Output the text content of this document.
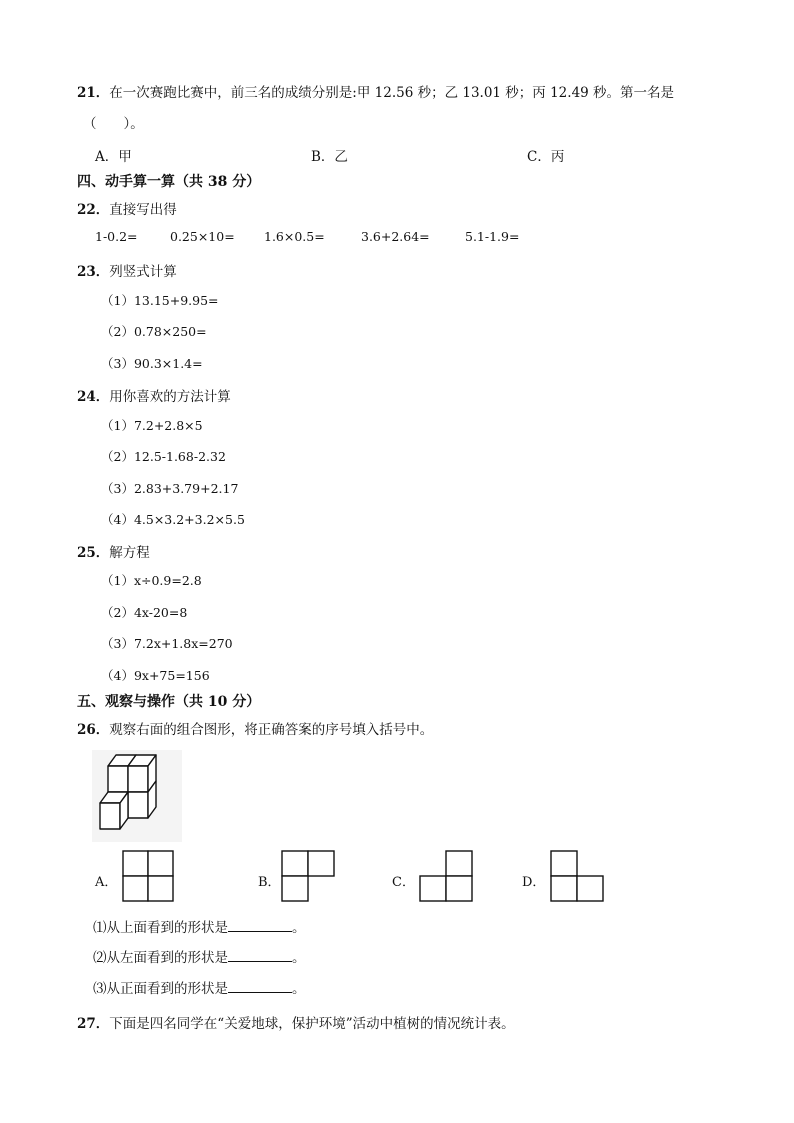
21．在一次赛跑比赛中，前三名的成绩分别是:甲 12.56 秒；乙 13.01 秒；丙 12.49 秒。第一名是
（　　）。
A．甲	B．乙	C．丙
四、动手算一算（共 38 分）
22．直接写出得
1-0.2=	0.25×10= 1.6×0.5=	3.6+2.64=	5.1-1.9=
23．列竖式计算
（1）13.15+9.95=
（2）0.78×250=
（3）90.3×1.4=
24．用你喜欢的方法计算
（1）7.2+2.8×5
（2）12.5-1.68-2.32
（3）2.83+3.79+2.17
（4）4.5×3.2+3.2×5.5
25．解方程
（1）x÷0.9=2.8
（2）4x-20=8
（3）7.2x+1.8x=270
（4）9x+75=156
五、观察与操作（共 10 分）
26．观察右面的组合图形，将正确答案的序号填入括号中。
A．	B．	C．	D．
⑴从上面看到的形状是	。
⑵从左面看到的形状是	。
⑶从正面看到的形状是	。
27．下面是四名同学在“关爱地球，保护环境”活动中植树的情况统计表。
